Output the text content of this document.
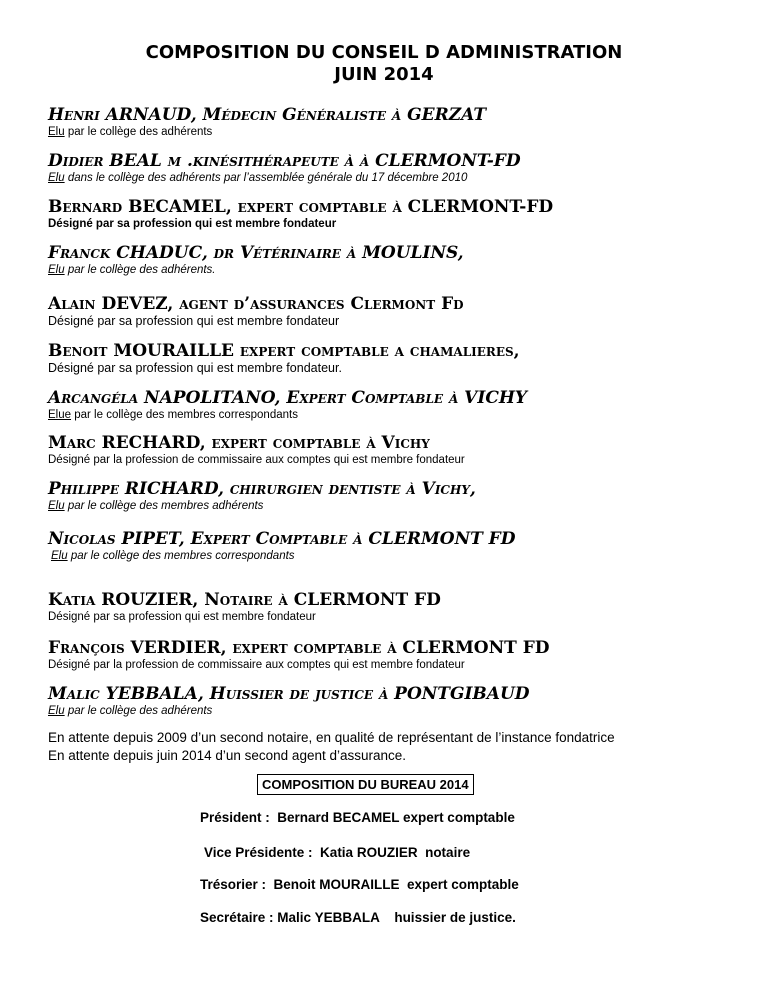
COMPOSITION DU CONSEIL D ADMINISTRATION
JUIN 2014

Henri ARNAUD, Médecin Généraliste à GERZAT

Elu par le collège des adhérents

Didier BEAL m .kinésithérapeute à à CLERMONT-FD

Elu dans le collège des adhérents par l’assemblée générale du 17 décembre 2010

Bernard BECAMEL, expert comptable à CLERMONT-FD

Désigné par sa profession qui est membre fondateur

Franck CHADUC, dr Vétérinaire à MOULINS,

Elu par le collège des adhérents.

Alain DEVEZ, agent d’assurances Clermont Fd

Désigné par sa profession qui est membre fondateur

Benoit MOURAILLE expert comptable a chamalieres,

Désigné par sa profession qui est membre fondateur.

Arcangéla NAPOLITANO, Expert Comptable à VICHY

Elue par le collège des membres correspondants

Marc RECHARD, expert comptable à Vichy

Désigné par la profession de commissaire aux comptes qui est membre fondateur

Philippe RICHARD, chirurgien dentiste à Vichy,

Elu par le collège des membres adhérents

Nicolas PIPET, Expert Comptable à CLERMONT FD

Elu par le collège des membres correspondants

Katia ROUZIER, Notaire à CLERMONT FD

Désigné par sa profession qui est membre fondateur

François VERDIER, expert comptable à CLERMONT FD

Désigné par la profession de commissaire aux comptes qui est membre fondateur

Malic YEBBALA, Huissier de justice à PONTGIBAUD

Elu par le collège des adhérents

En attente depuis 2009 d’un second notaire, en qualité de représentant de l’instance fondatrice
En attente depuis juin 2014 d’un second agent d’assurance.
COMPOSITION DU BUREAU 2014
Président :  Bernard BECAMEL expert comptable
Vice Présidente :  Katia ROUZIER  notaire
Trésorier :  Benoit MOURAILLE  expert comptable
Secrétaire : Malic YEBBALA    huissier de justice.
